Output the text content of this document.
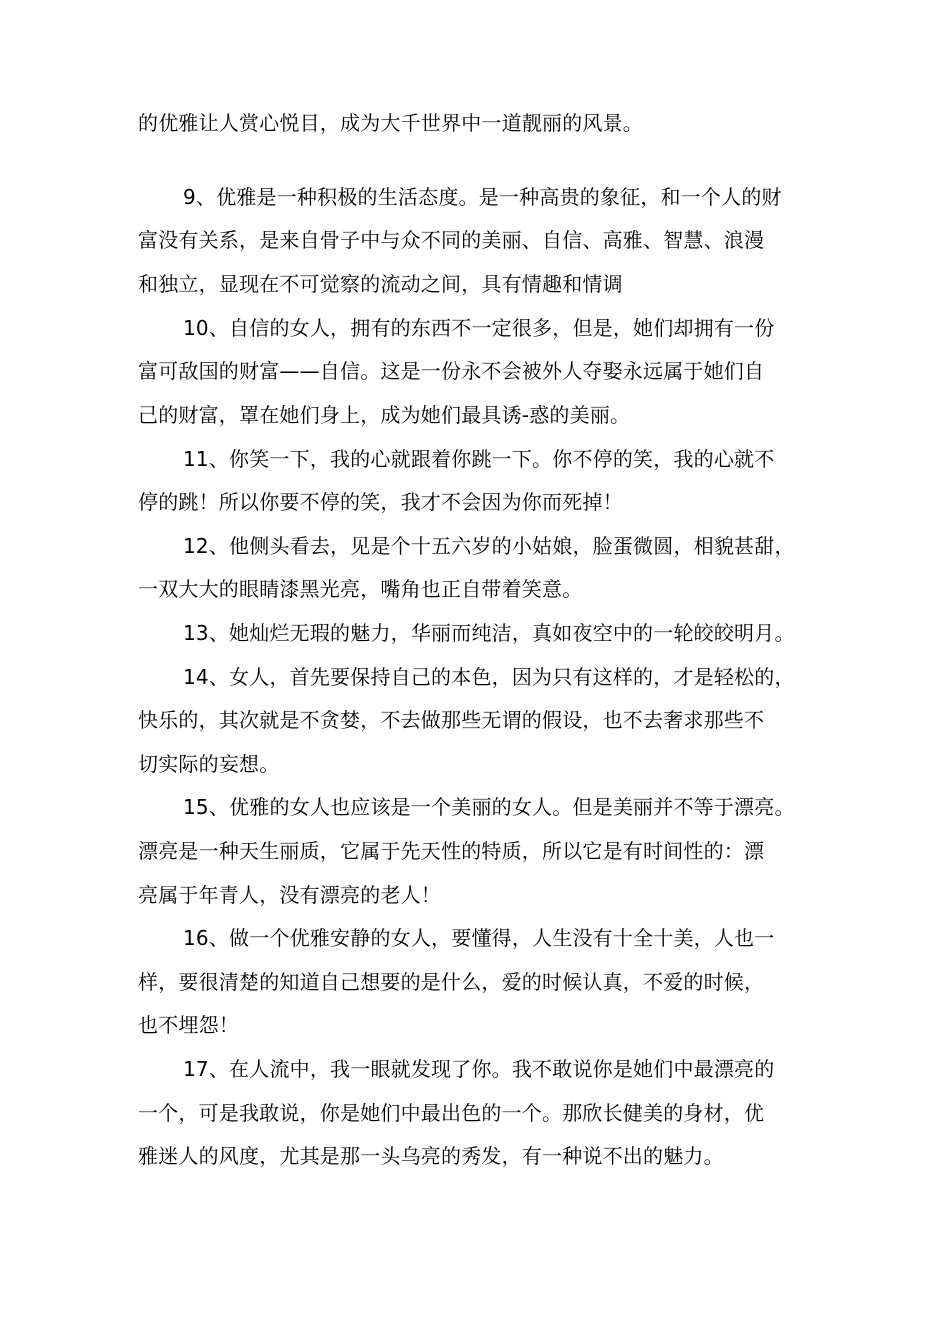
的优雅让人赏心悦目，成为大千世界中一道靓丽的风景。
9、优雅是一种积极的生活态度。是一种高贵的象征，和一个人的财
富没有关系，是来自骨子中与众不同的美丽、自信、高雅、智慧、浪漫
和独立，显现在不可觉察的流动之间，具有情趣和情调
10、自信的女人，拥有的东西不一定很多，但是，她们却拥有一份
富可敌国的财富——自信。这是一份永不会被外人夺娶永远属于她们自
己的财富，罩在她们身上，成为她们最具诱-惑的美丽。
11、你笑一下，我的心就跟着你跳一下。你不停的笑，我的心就不
停的跳！所以你要不停的笑，我才不会因为你而死掉！
12、他侧头看去，见是个十五六岁的小姑娘，脸蛋微圆，相貌甚甜，
一双大大的眼睛漆黑光亮，嘴角也正自带着笑意。
13、她灿烂无瑕的魅力，华丽而纯洁，真如夜空中的一轮皎皎明月。
14、女人，首先要保持自己的本色，因为只有这样的，才是轻松的，
快乐的，其次就是不贪婪，不去做那些无谓的假设，也不去奢求那些不
切实际的妄想。
15、优雅的女人也应该是一个美丽的女人。但是美丽并不等于漂亮。
漂亮是一种天生丽质，它属于先天性的特质，所以它是有时间性的：漂
亮属于年青人，没有漂亮的老人！
16、做一个优雅安静的女人，要懂得，人生没有十全十美，人也一
样，要很清楚的知道自己想要的是什么，爱的时候认真，不爱的时候，
也不埋怨！
17、在人流中，我一眼就发现了你。我不敢说你是她们中最漂亮的
一个，可是我敢说，你是她们中最出色的一个。那欣长健美的身材，优
雅迷人的风度，尤其是那一头乌亮的秀发，有一种说不出的魅力。
